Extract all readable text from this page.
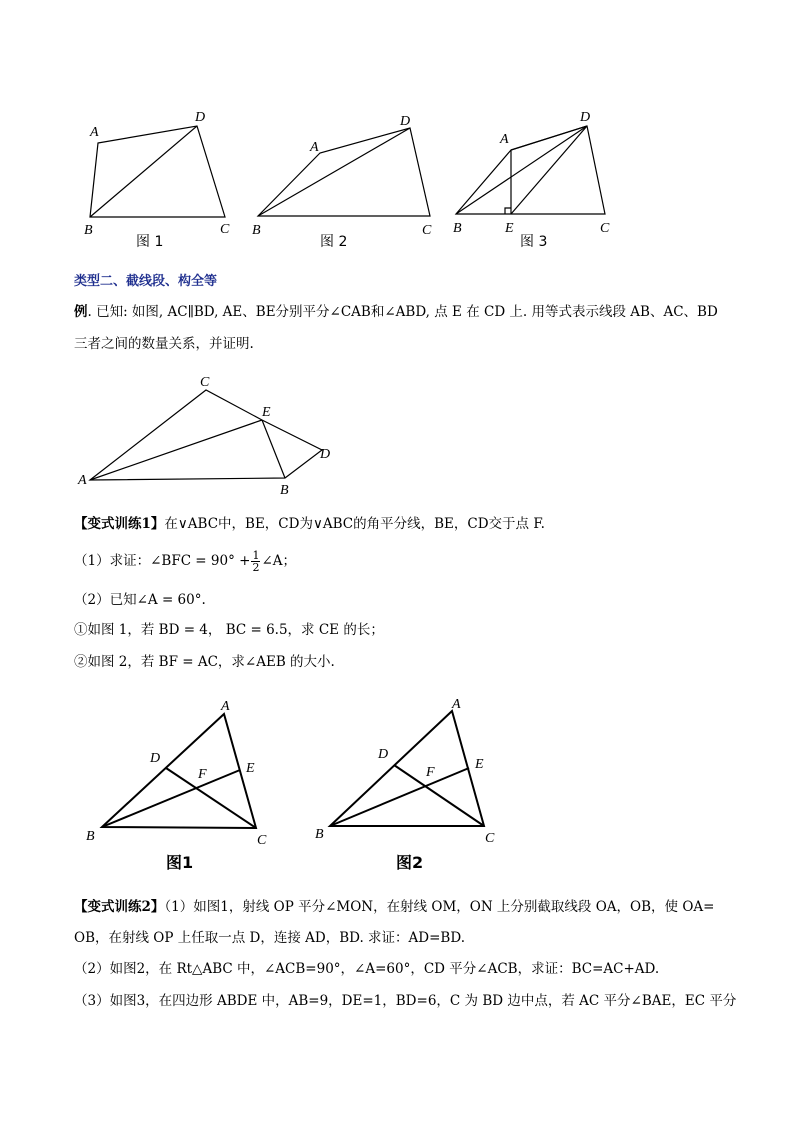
A
D
B	C
图 1
A
D
B	C
图 2
A
D
B	E	C
图 3
类型二、截线段、构全等
例. 已知: 如图, AC∥BD, AE、BE分别平分∠CAB和∠ABD, 点 E 在 CD 上. 用等式表示线段 AB、AC、BD
三者之间的数量关系，并证明.
C
E
D
A
B
【变式训练1】在∨ABC中，BE，CD为∨ABC的角平分线，BE，CD交于点 F.
（1）求证：∠BFC = $90^\circ + \frac{1}{2}$ ∠A；
（2）已知∠A = 60°.
①如图 1，若 BD = 4， BC = 6.5，求 CE 的长；
②如图 2，若 BF = AC，求∠AEB 的大小.
A
D
E
F
B	C
图1
A
D
E
F
B	C
图2
【变式训练2】（1）如图1，射线 OP 平分∠MON，在射线 OM，ON 上分别截取线段 OA，OB，使 OA=
OB，在射线 OP 上任取一点 D，连接 AD，BD. 求证：AD=BD.
（2）如图2，在 Rt△ABC 中，∠ACB=90°，∠A=60°，CD 平分∠ACB，求证：BC=AC+AD.
（3）如图3，在四边形 ABDE 中，AB=9，DE=1，BD=6，C 为 BD 边中点，若 AC 平分∠BAE，EC 平分
